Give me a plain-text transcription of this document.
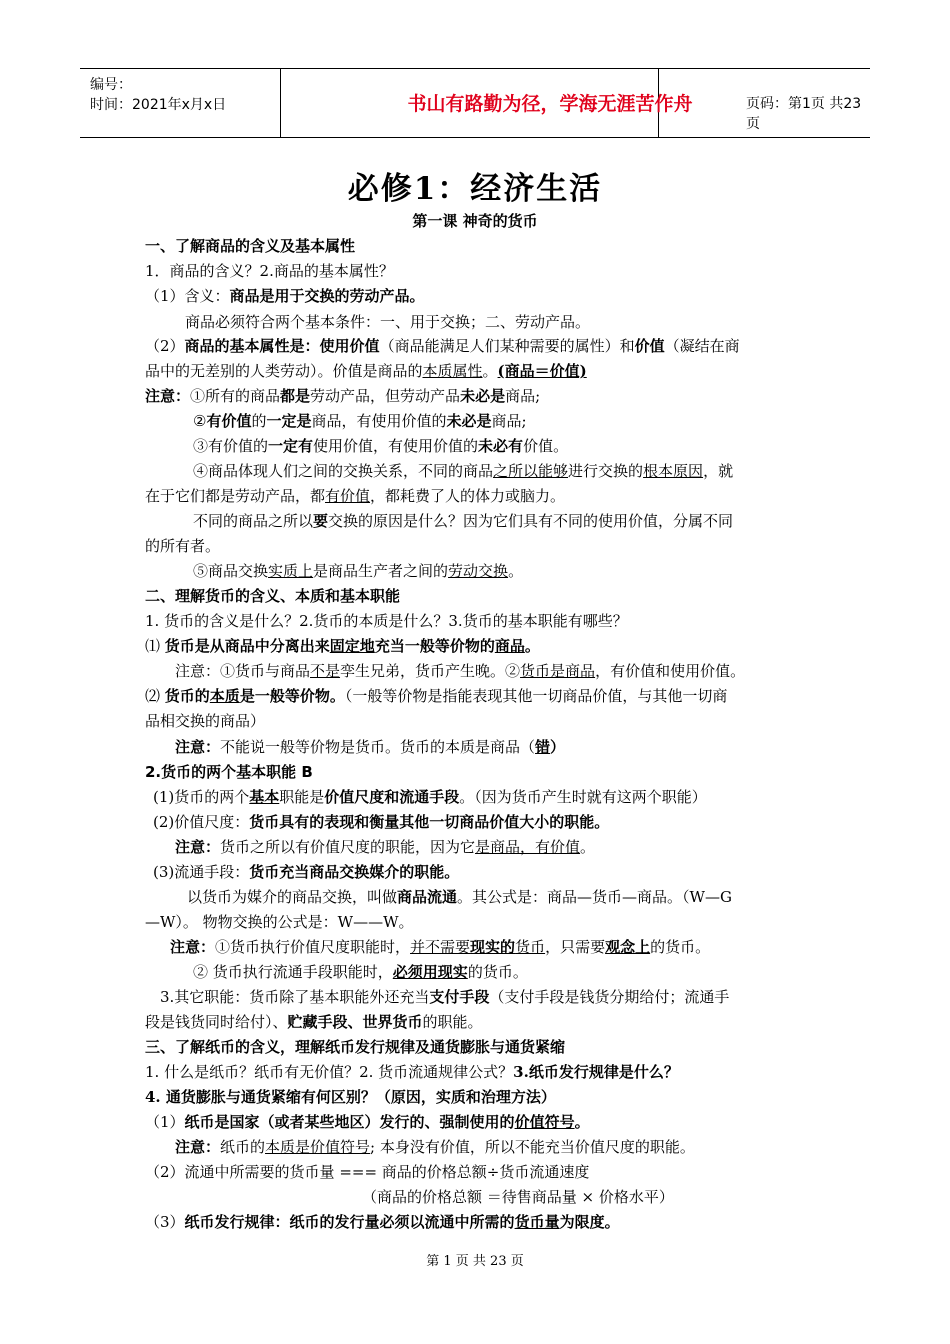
编号：
时间：2021年x月x日	书山有路勤为径，学海无涯苦作舟	页码：第1页 共23页
必修1：经济生活
第一课 神奇的货币
一、了解商品的含义及基本属性
1．商品的含义？2.商品的基本属性？
（1）含义：商品是用于交换的劳动产品。
商品必须符合两个基本条件：一、用于交换；二、劳动产品。
（2）商品的基本属性是：使用价值（商品能满足人们某种需要的属性）和价值（凝结在商
品中的无差别的人类劳动）。价值是商品的本质属性。(商品＝价值)
注意：①所有的商品都是劳动产品，但劳动产品未必是商品;
②有价值的一定是商品，有使用价值的未必是商品;
③有价值的一定有使用价值，有使用价值的未必有价值。
④商品体现人们之间的交换关系，不同的商品之所以能够进行交换的根本原因，就
在于它们都是劳动产品，都有价值，都耗费了人的体力或脑力。
不同的商品之所以要交换的原因是什么？因为它们具有不同的使用价值，分属不同
的所有者。
⑤商品交换实质上是商品生产者之间的劳动交换。
二、理解货币的含义、本质和基本职能
1. 货币的含义是什么？2.货币的本质是什么？3.货币的基本职能有哪些？
⑴ 货币是从商品中分离出来固定地充当一般等价物的商品。
注意：①货币与商品不是孪生兄弟，货币产生晚。②货币是商品，有价值和使用价值。
⑵ 货币的本质是一般等价物。（一般等价物是指能表现其他一切商品价值，与其他一切商
品相交换的商品）
注意：不能说一般等价物是货币。货币的本质是商品（错）
2.货币的两个基本职能 B
(1)货币的两个基本职能是价值尺度和流通手段。（因为货币产生时就有这两个职能）
(2)价值尺度：货币具有的表现和衡量其他一切商品价值大小的职能。
注意：货币之所以有价值尺度的职能，因为它是商品，有价值。
(3)流通手段：货币充当商品交换媒介的职能。
以货币为媒介的商品交换，叫做商品流通。其公式是：商品—货币—商品。（W—G
—W）。 物物交换的公式是：W——W。
注意：①货币执行价值尺度职能时，并不需要现实的货币，只需要观念上的货币。
② 货币执行流通手段职能时，必须用现实的货币。
3.其它职能：货币除了基本职能外还充当支付手段（支付手段是钱货分期给付；流通手
段是钱货同时给付）、贮藏手段、世界货币的职能。
三、了解纸币的含义，理解纸币发行规律及通货膨胀与通货紧缩
1. 什么是纸币？纸币有无价值？2. 货币流通规律公式？3.纸币发行规律是什么？
4. 通货膨胀与通货紧缩有何区别？（原因，实质和治理方法）
（1）纸币是国家（或者某些地区）发行的、强制使用的价值符号。
注意：纸币的本质是价值符号; 本身没有价值，所以不能充当价值尺度的职能。
（2）流通中所需要的货币量 === 商品的价格总额÷货币流通速度
（商品的价格总额 ＝待售商品量 × 价格水平）
（3）纸币发行规律：纸币的发行量必须以流通中所需的货币量为限度。
第 1 页 共 23 页
